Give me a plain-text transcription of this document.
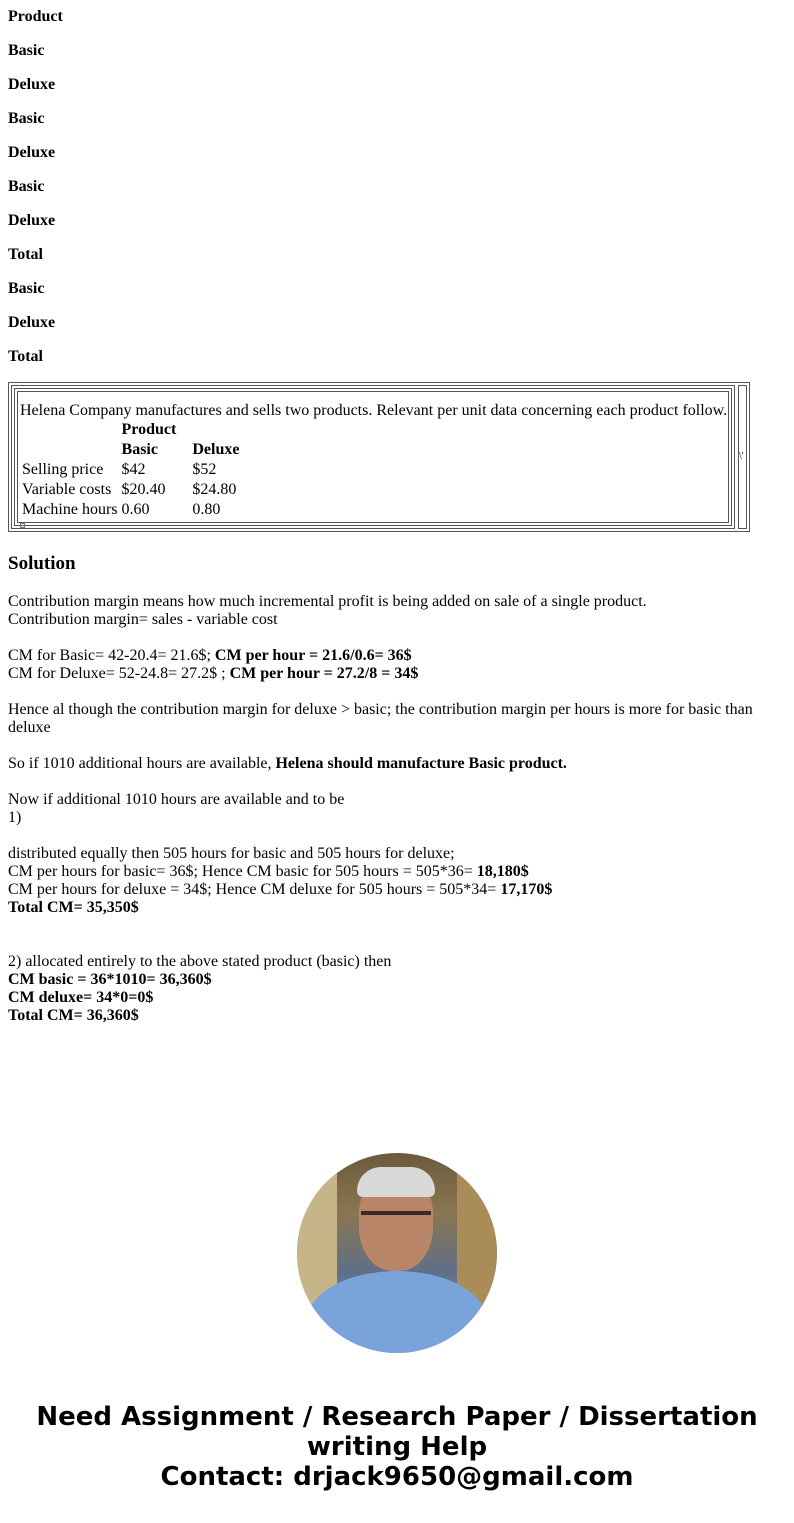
Product

Basic

Deluxe

Basic

Deluxe

Basic

Deluxe

Total

Basic

Deluxe

Total

Helena Company manufactures and sells two products. Relevant per unit data concerning each product follow.
	Product	
	Basic	Deluxe
Selling price	$42	$52
Variable costs	$20.40	$24.80
Machine hours	0.60	0.80
\'
Solution
Contribution margin means how much incremental profit is being added on sale of a single product.
Contribution margin= sales - variable cost
CM for Basic= 42-20.4= 21.6$; CM per hour = 21.6/0.6= 36$
CM for Deluxe= 52-24.8= 27.2$ ; CM per hour = 27.2/8 = 34$
Hence al though the contribution margin for deluxe > basic; the contribution margin per hours is more for basic than deluxe
So if 1010 additional hours are available, Helena should manufacture Basic product.
Now if additional 1010 hours are available and to be
1)
distributed equally then 505 hours for basic and 505 hours for deluxe;
CM per hours for basic= 36$; Hence CM basic for 505 hours = 505*36= 18,180$
CM per hours for deluxe = 34$; Hence CM deluxe for 505 hours = 505*34= 17,170$
Total CM= 35,350$
2) allocated entirely to the above stated product (basic) then
CM basic = 36*1010= 36,360$
CM deluxe= 34*0=0$
Total CM= 36,360$
Need Assignment / Research Paper / Dissertation
writing Help
Contact: drjack9650@gmail.com
